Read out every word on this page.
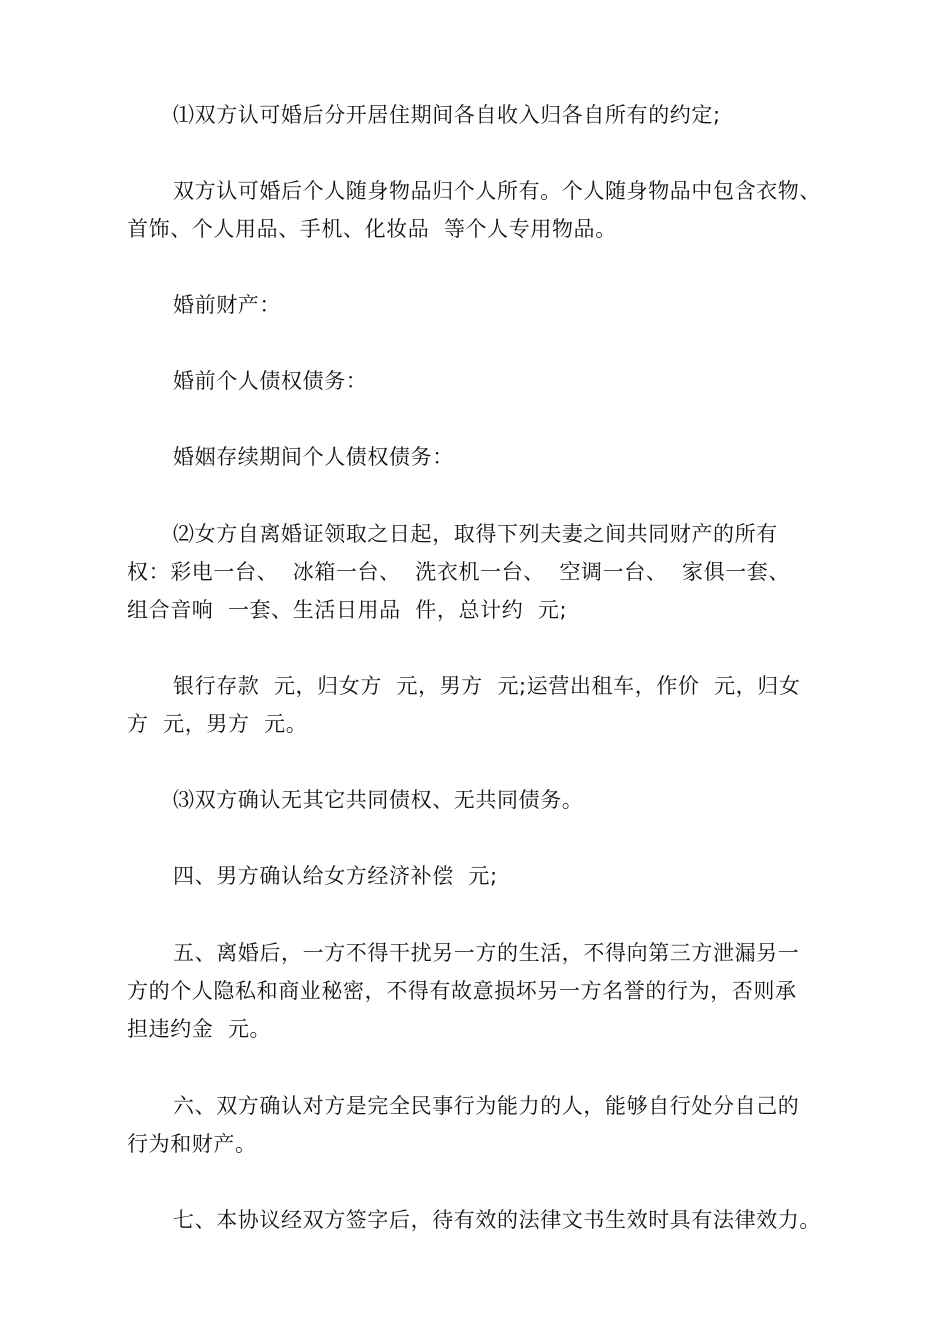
⑴双方认可婚后分开居住期间各自收入归各自所有的约定;
双方认可婚后个人随身物品归个人所有。个人随身物品中包含衣物、
首饰、个人用品、手机、化妆品  等个人专用物品。
婚前财产：
婚前个人债权债务：
婚姻存续期间个人债权债务：
⑵女方自离婚证领取之日起，取得下列夫妻之间共同财产的所有
权：彩电一台、  冰箱一台、  洗衣机一台、  空调一台、  家俱一套、
组合音响  一套、生活日用品  件，总计约  元;
银行存款  元，归女方  元，男方  元;运营出租车，作价  元，归女
方  元，男方  元。
⑶双方确认无其它共同债权、无共同债务。
四、男方确认给女方经济补偿  元;
五、离婚后，一方不得干扰另一方的生活，不得向第三方泄漏另一
方的个人隐私和商业秘密，不得有故意损坏另一方名誉的行为，否则承
担违约金  元。
六、双方确认对方是完全民事行为能力的人，能够自行处分自己的
行为和财产。
七、本协议经双方签字后，待有效的法律文书生效时具有法律效力。
